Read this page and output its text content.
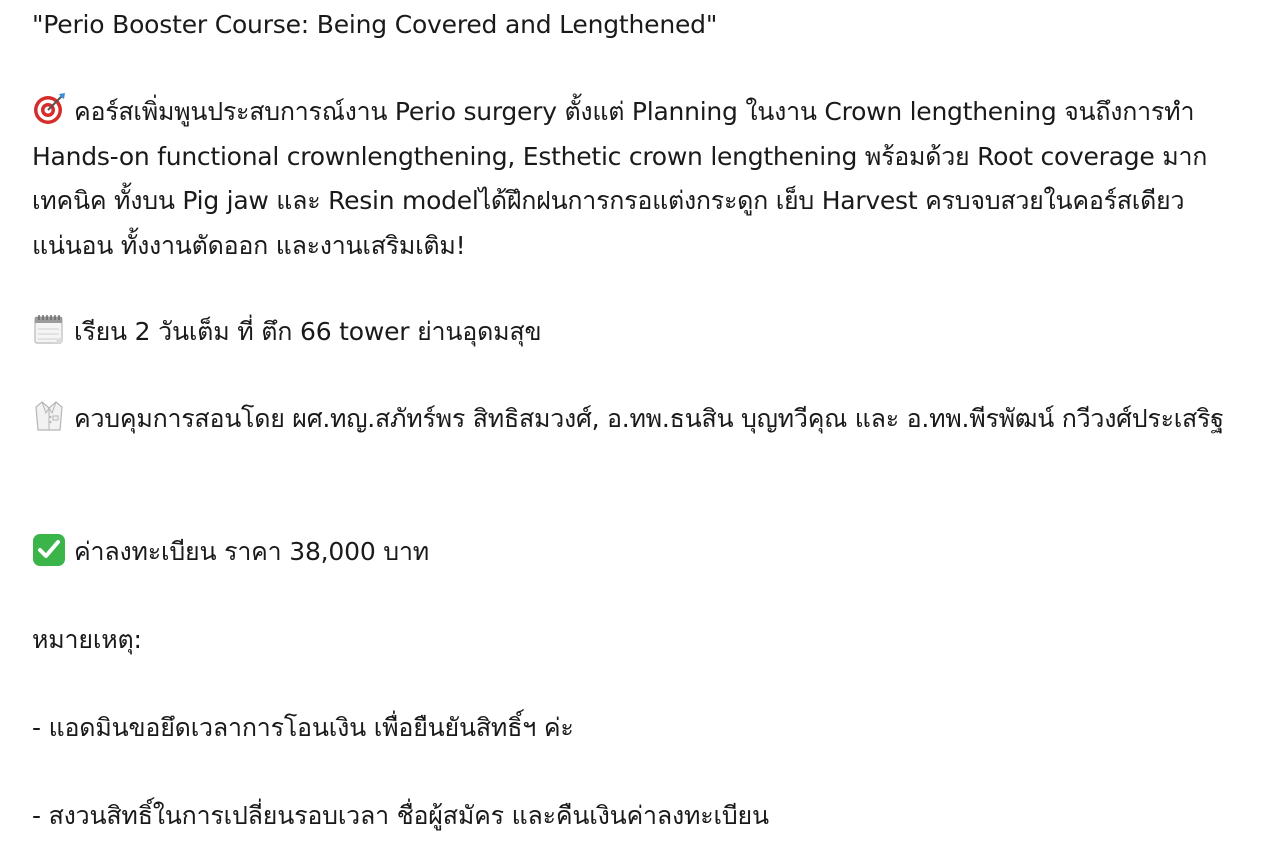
"Perio Booster Course: Being Covered and Lengthened"
คอร์สเพิ่มพูนประสบการณ์งาน Perio surgery ตั้งแต่ Planning ในงาน Crown lengthening จนถึงการทำ Hands-on functional crownlengthening, Esthetic crown lengthening พร้อมด้วย Root coverage มากเทคนิค ทั้งบน Pig jaw และ Resin modelได้ฝึกฝนการกรอแต่งกระดูก เย็บ Harvest ครบจบสวยในคอร์สเดียวแน่นอน ทั้งงานตัดออก และงานเสริมเติม!
เรียน 2 วันเต็ม ที่ ตึก 66 tower ย่านอุดมสุข
ควบคุมการสอนโดย ผศ.ทญ.สภัทร์พร สิทธิสมวงศ์, อ.ทพ.ธนสิน บุญทวีคุณ และ อ.ทพ.พีรพัฒน์ กวีวงศ์ประเสริฐ
ค่าลงทะเบียน ราคา 38,000 บาท
หมายเหตุ:
- แอดมินขอยึดเวลาการโอนเงิน เพื่อยืนยันสิทธิ์ฯ ค่ะ
- สงวนสิทธิ์ในการเปลี่ยนรอบเวลา ชื่อผู้สมัคร และคืนเงินค่าลงทะเบียน
